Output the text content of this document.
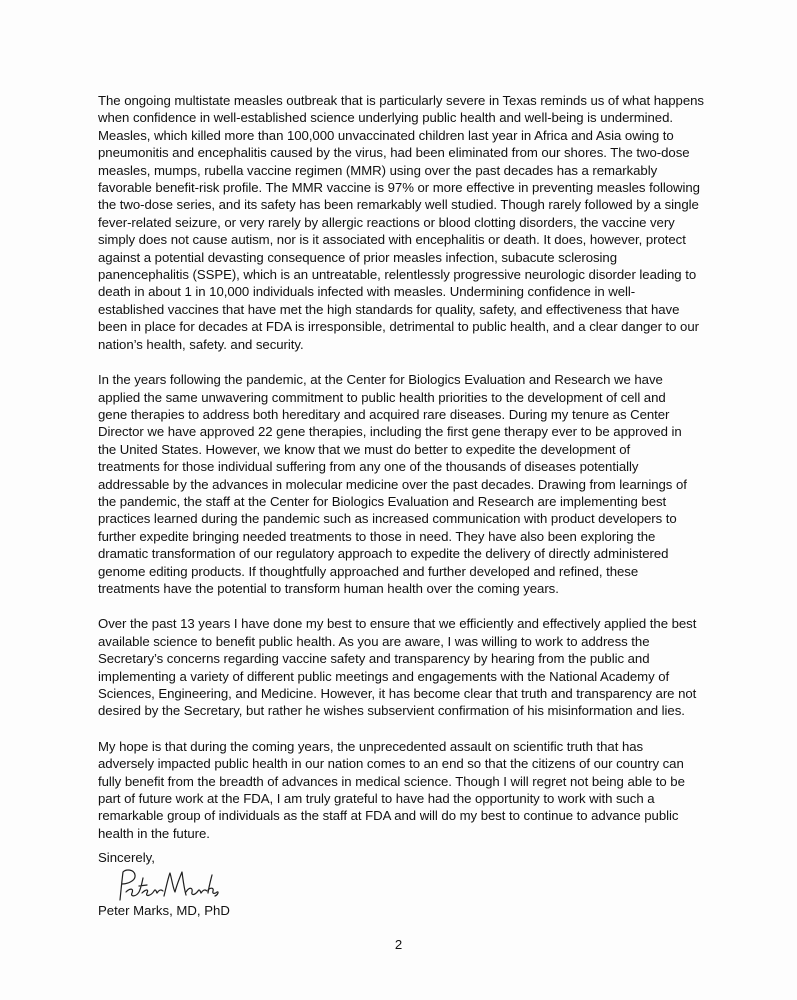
The ongoing multistate measles outbreak that is particularly severe in Texas reminds us of what happens
when confidence in well-established science underlying public health and well-being is undermined.
Measles, which killed more than 100,000 unvaccinated children last year in Africa and Asia owing to
pneumonitis and encephalitis caused by the virus, had been eliminated from our shores. The two-dose
measles, mumps, rubella vaccine regimen (MMR) using over the past decades has a remarkably
favorable benefit-risk profile. The MMR vaccine is 97% or more effective in preventing measles following
the two-dose series, and its safety has been remarkably well studied. Though rarely followed by a single
fever-related seizure, or very rarely by allergic reactions or blood clotting disorders, the vaccine very
simply does not cause autism, nor is it associated with encephalitis or death. It does, however, protect
against a potential devasting consequence of prior measles infection, subacute sclerosing
panencephalitis (SSPE), which is an untreatable, relentlessly progressive neurologic disorder leading to
death in about 1 in 10,000 individuals infected with measles. Undermining confidence in well-
established vaccines that have met the high standards for quality, safety, and effectiveness that have
been in place for decades at FDA is irresponsible, detrimental to public health, and a clear danger to our
nation’s health, safety. and security.

In the years following the pandemic, at the Center for Biologics Evaluation and Research we have
applied the same unwavering commitment to public health priorities to the development of cell and
gene therapies to address both hereditary and acquired rare diseases. During my tenure as Center
Director we have approved 22 gene therapies, including the first gene therapy ever to be approved in
the United States. However, we know that we must do better to expedite the development of
treatments for those individual suffering from any one of the thousands of diseases potentially
addressable by the advances in molecular medicine over the past decades. Drawing from learnings of
the pandemic, the staff at the Center for Biologics Evaluation and Research are implementing best
practices learned during the pandemic such as increased communication with product developers to
further expedite bringing needed treatments to those in need. They have also been exploring the
dramatic transformation of our regulatory approach to expedite the delivery of directly administered
genome editing products. If thoughtfully approached and further developed and refined, these
treatments have the potential to transform human health over the coming years.

Over the past 13 years I have done my best to ensure that we efficiently and effectively applied the best
available science to benefit public health. As you are aware, I was willing to work to address the
Secretary’s concerns regarding vaccine safety and transparency by hearing from the public and
implementing a variety of different public meetings and engagements with the National Academy of
Sciences, Engineering, and Medicine. However, it has become clear that truth and transparency are not
desired by the Secretary, but rather he wishes subservient confirmation of his misinformation and lies.

My hope is that during the coming years, the unprecedented assault on scientific truth that has
adversely impacted public health in our nation comes to an end so that the citizens of our country can
fully benefit from the breadth of advances in medical science. Though I will regret not being able to be
part of future work at the FDA, I am truly grateful to have had the opportunity to work with such a
remarkable group of individuals as the staff at FDA and will do my best to continue to advance public
health in the future.

Sincerely,

Peter Marks, MD, PhD

2
